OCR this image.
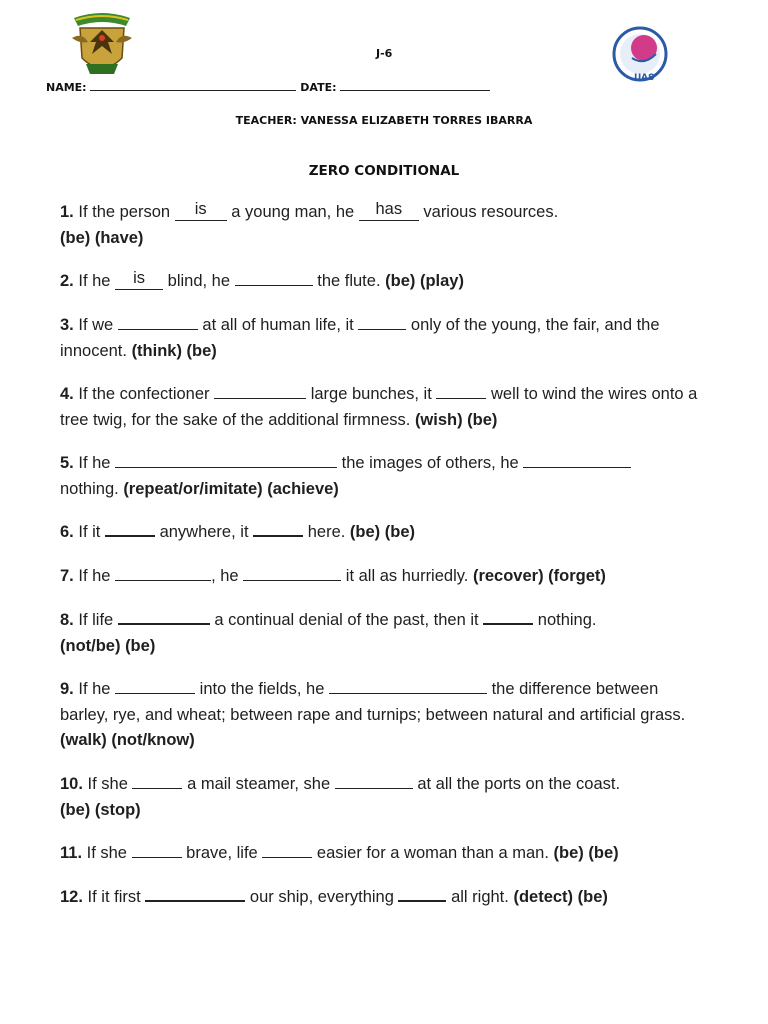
UAS
J-6
NAME:	DATE:
TEACHER: VANESSA ELIZABETH TORRES IBARRA
ZERO CONDITIONAL
1. If the person is a young man, he has various resources.
(be) (have)
2. If he is blind, he	the flute. (be) (play)
3. If we	at all of human life, it	only of the young, the fair, and the innocent. (think) (be)
4. If the confectioner	large bunches, it	well to wind the wires onto a tree twig, for the sake of the additional firmness. (wish) (be)
5. If he	the images of others, he
nothing. (repeat/or/imitate) (achieve)
6. If it	anywhere, it	here. (be) (be)
7. If he	, he	it all as hurriedly. (recover) (forget)
8. If life	a continual denial of the past, then it	nothing.
(not/be) (be)
9. If he	into the fields, he	the difference between barley, rye, and wheat; between rape and turnips; between natural and artificial grass. (walk) (not/know)
10. If she	a mail steamer, she	at all the ports on the coast.
(be) (stop)
11. If she	brave, life	easier for a woman than a man. (be) (be)
12. If it first	our ship, everything	all right. (detect) (be)
